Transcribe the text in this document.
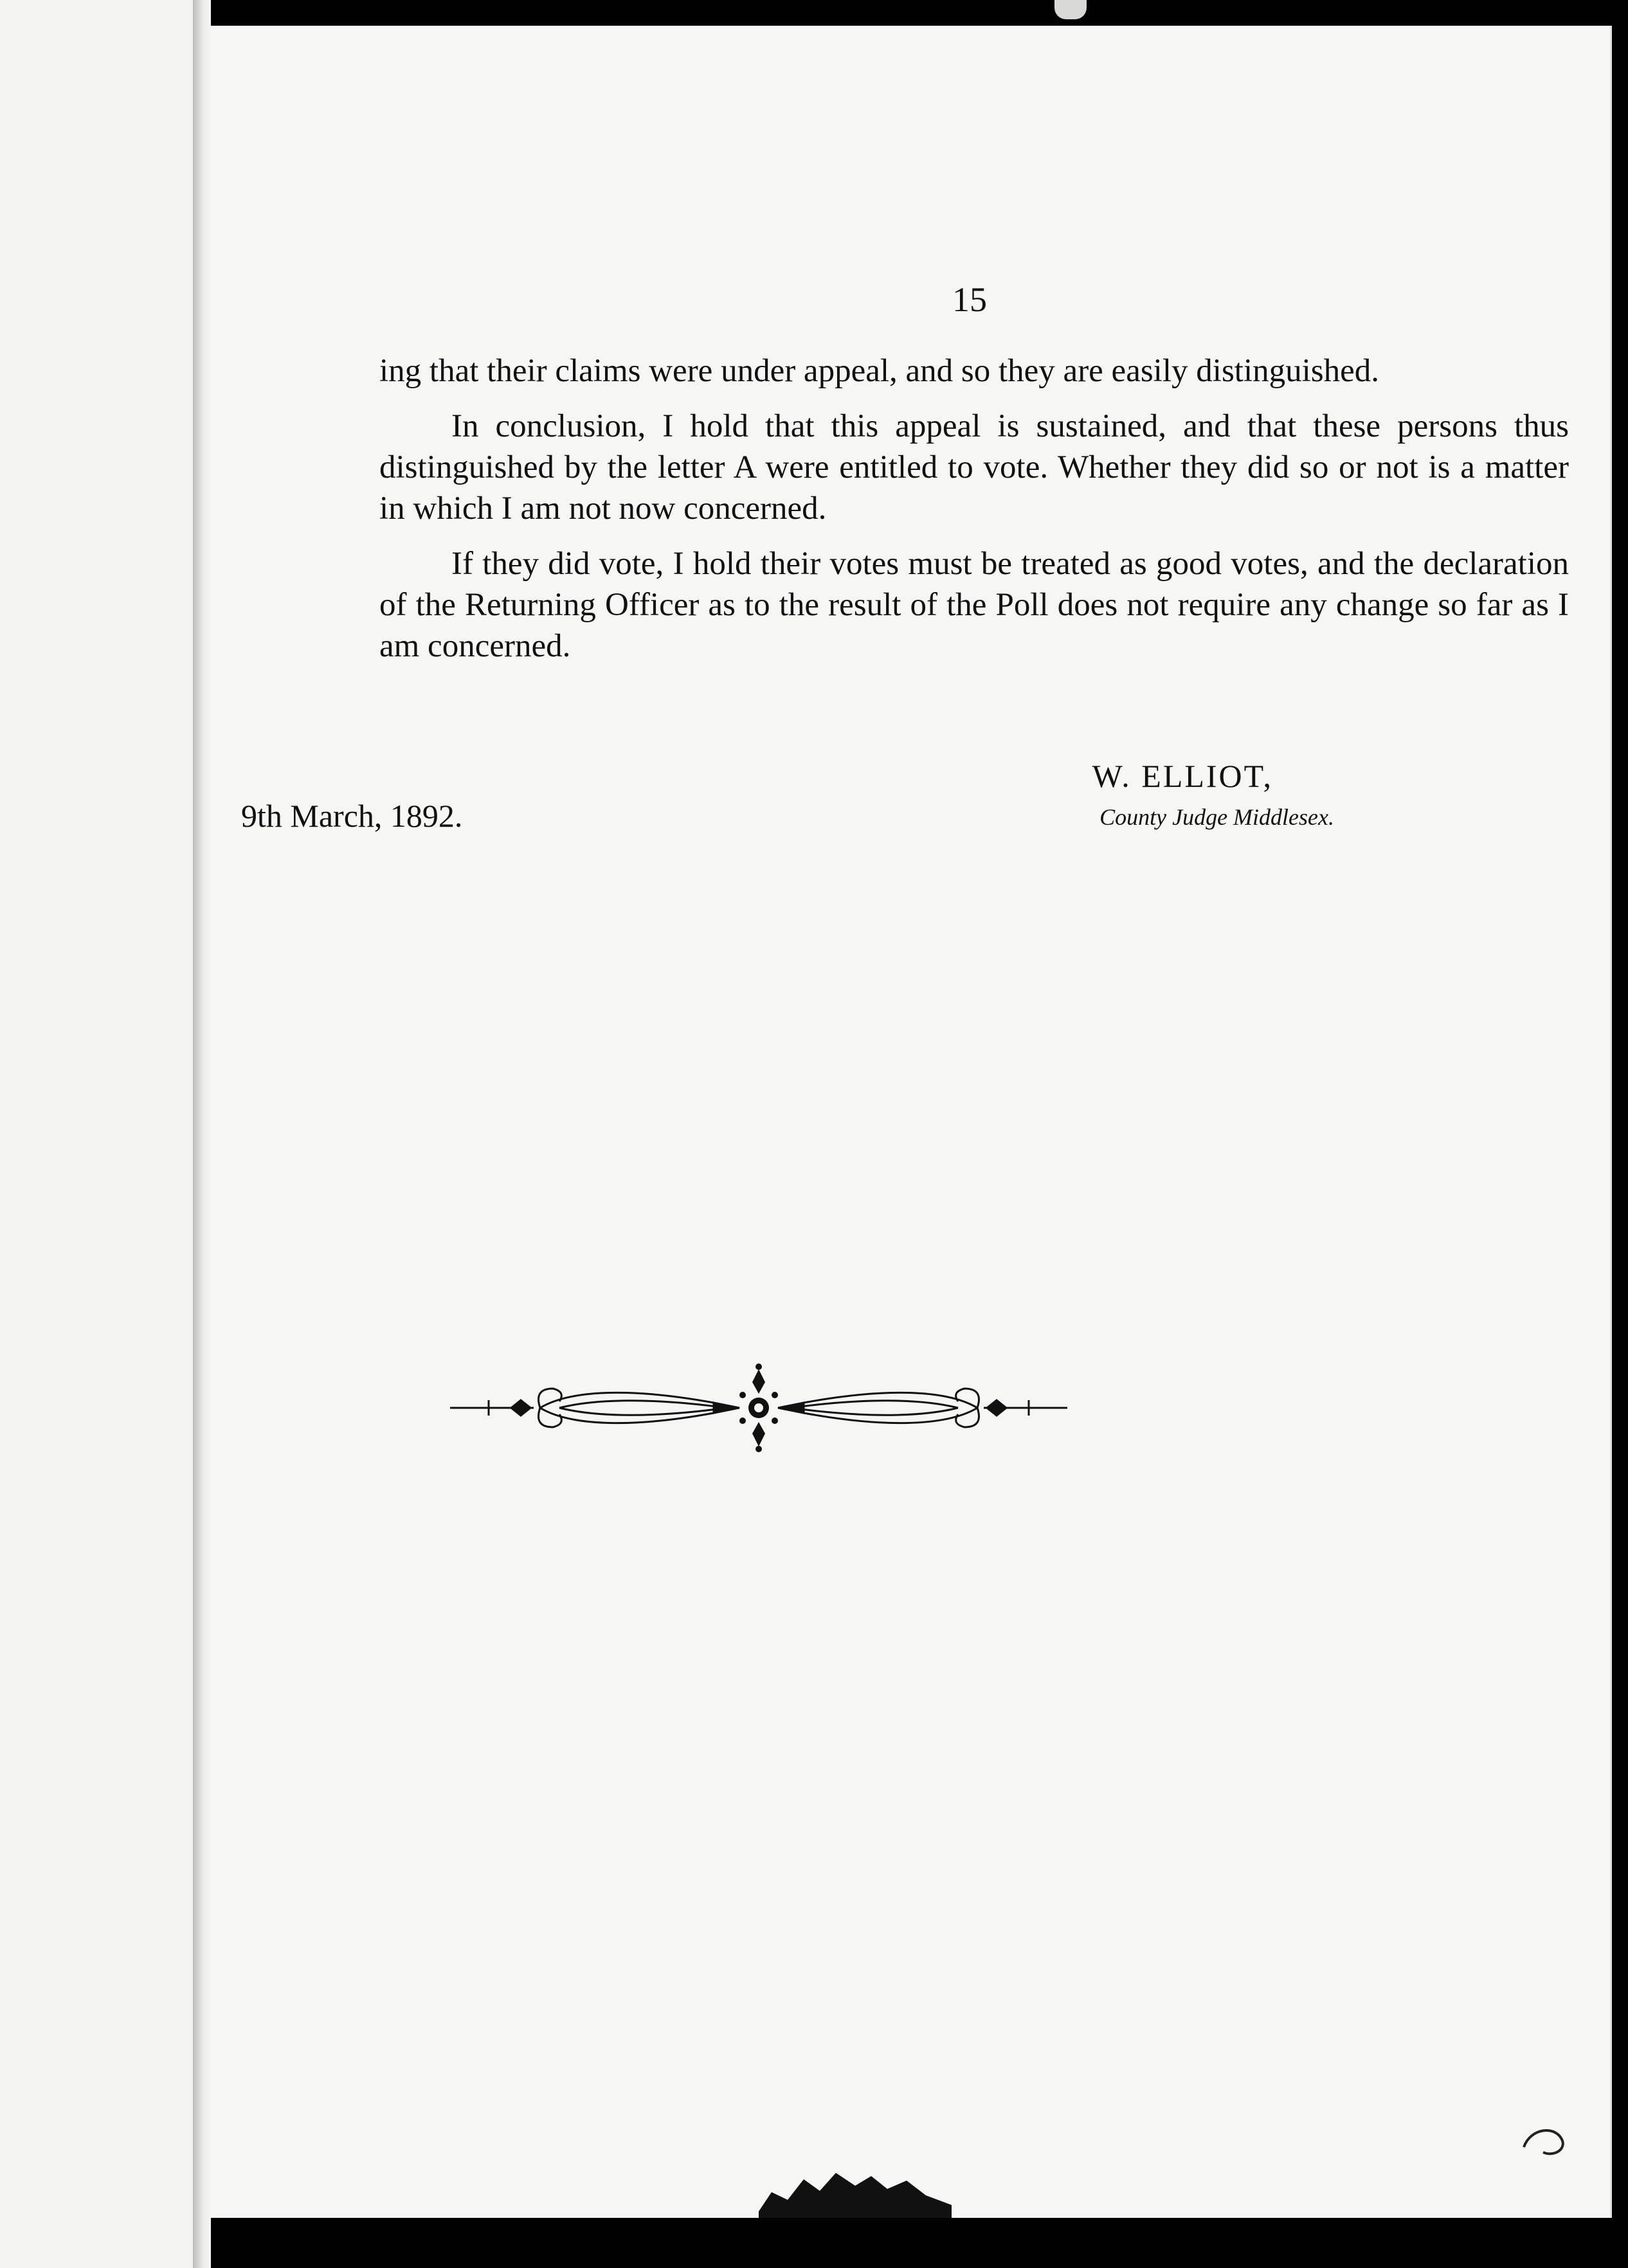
15

ing that their claims were under appeal, and so they are easily distinguished.

In conclusion, I hold that this appeal is sustained, and that these persons thus distinguished by the letter A were entitled to vote. Whether they did so or not is a matter in which I am not now concerned.

If they did vote, I hold their votes must be treated as good votes, and the declaration of the Returning Officer as to the result of the Poll does not require any change so far as I am concerned.

W. ELLIOT,
9th March, 1892.	County Judge Middlesex.
